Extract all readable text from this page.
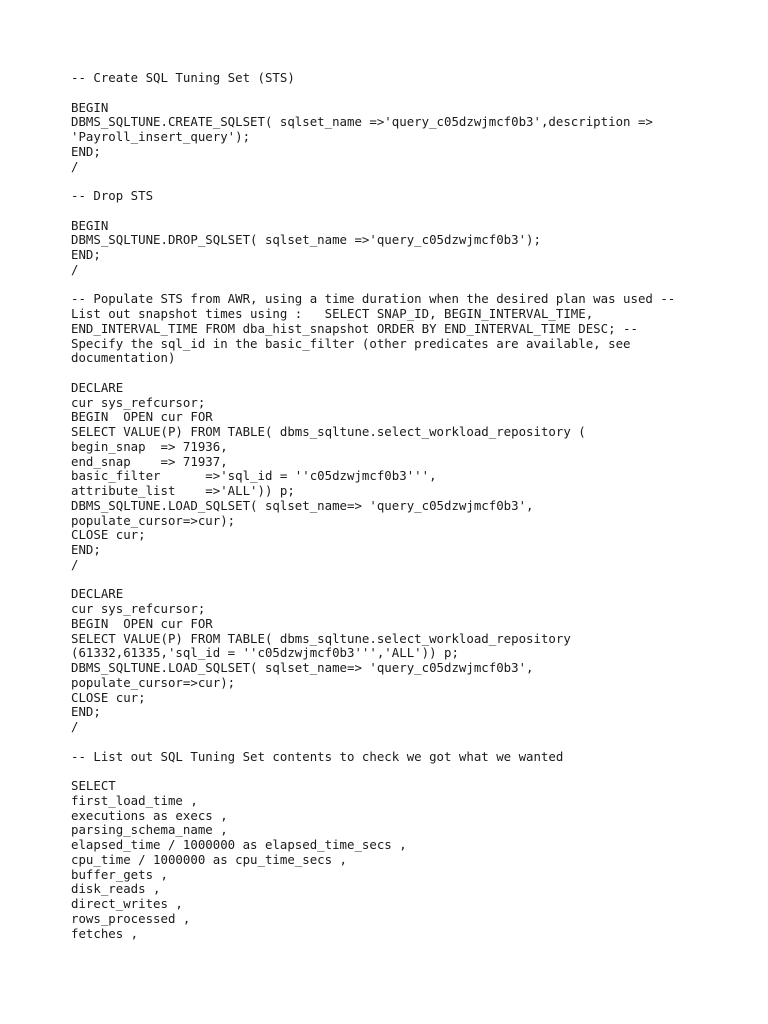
-- Create SQL Tuning Set (STS)
BEGIN
DBMS_SQLTUNE.CREATE_SQLSET( sqlset_name =>'query_c05dzwjmcf0b3',description =>
'Payroll_insert_query');
END;
/
-- Drop STS
BEGIN
DBMS_SQLTUNE.DROP_SQLSET( sqlset_name =>'query_c05dzwjmcf0b3');
END;
/
-- Populate STS from AWR, using a time duration when the desired plan was used --
List out snapshot times using :   SELECT SNAP_ID, BEGIN_INTERVAL_TIME,
END_INTERVAL_TIME FROM dba_hist_snapshot ORDER BY END_INTERVAL_TIME DESC; --
Specify the sql_id in the basic_filter (other predicates are available, see
documentation)
DECLARE
cur sys_refcursor;
BEGIN  OPEN cur FOR
SELECT VALUE(P) FROM TABLE( dbms_sqltune.select_workload_repository (
begin_snap  => 71936,
end_snap    => 71937,
basic_filter      =>'sql_id = ''c05dzwjmcf0b3''',
attribute_list    =>'ALL')) p;
DBMS_SQLTUNE.LOAD_SQLSET( sqlset_name=> 'query_c05dzwjmcf0b3',
populate_cursor=>cur);
CLOSE cur;
END;
/
DECLARE
cur sys_refcursor;
BEGIN  OPEN cur FOR
SELECT VALUE(P) FROM TABLE( dbms_sqltune.select_workload_repository
(61332,61335,'sql_id = ''c05dzwjmcf0b3''','ALL')) p;
DBMS_SQLTUNE.LOAD_SQLSET( sqlset_name=> 'query_c05dzwjmcf0b3',
populate_cursor=>cur);
CLOSE cur;
END;
/
-- List out SQL Tuning Set contents to check we got what we wanted
SELECT
first_load_time ,
executions as execs ,
parsing_schema_name ,
elapsed_time / 1000000 as elapsed_time_secs ,
cpu_time / 1000000 as cpu_time_secs ,
buffer_gets ,
disk_reads ,
direct_writes ,
rows_processed ,
fetches ,
